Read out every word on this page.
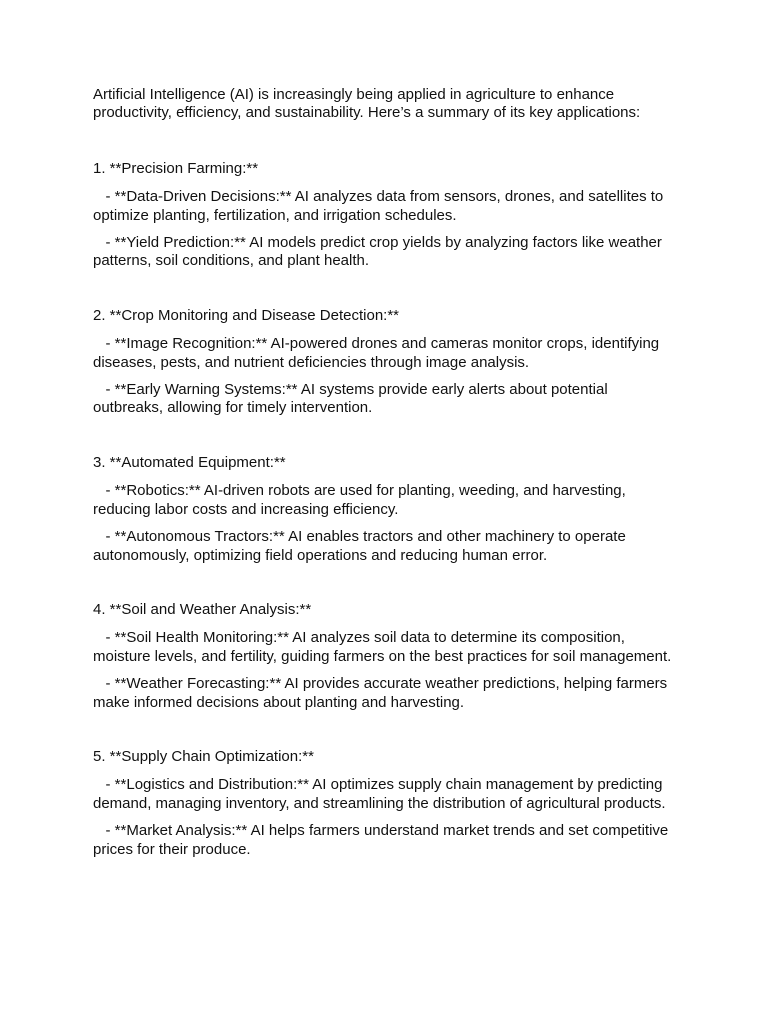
Artificial Intelligence (AI) is increasingly being applied in agriculture to enhance productivity, efficiency, and sustainability. Here’s a summary of its key applications:

1. **Precision Farming:**

- **Data-Driven Decisions:** AI analyzes data from sensors, drones, and satellites to optimize planting, fertilization, and irrigation schedules.

- **Yield Prediction:** AI models predict crop yields by analyzing factors like weather patterns, soil conditions, and plant health.

2. **Crop Monitoring and Disease Detection:**

- **Image Recognition:** AI-powered drones and cameras monitor crops, identifying diseases, pests, and nutrient deficiencies through image analysis.

- **Early Warning Systems:** AI systems provide early alerts about potential outbreaks, allowing for timely intervention.

3. **Automated Equipment:**

- **Robotics:** AI-driven robots are used for planting, weeding, and harvesting, reducing labor costs and increasing efficiency.

- **Autonomous Tractors:** AI enables tractors and other machinery to operate autonomously, optimizing field operations and reducing human error.

4. **Soil and Weather Analysis:**

- **Soil Health Monitoring:** AI analyzes soil data to determine its composition, moisture levels, and fertility, guiding farmers on the best practices for soil management.

- **Weather Forecasting:** AI provides accurate weather predictions, helping farmers make informed decisions about planting and harvesting.

5. **Supply Chain Optimization:**

- **Logistics and Distribution:** AI optimizes supply chain management by predicting demand, managing inventory, and streamlining the distribution of agricultural products.

- **Market Analysis:** AI helps farmers understand market trends and set competitive prices for their produce.
